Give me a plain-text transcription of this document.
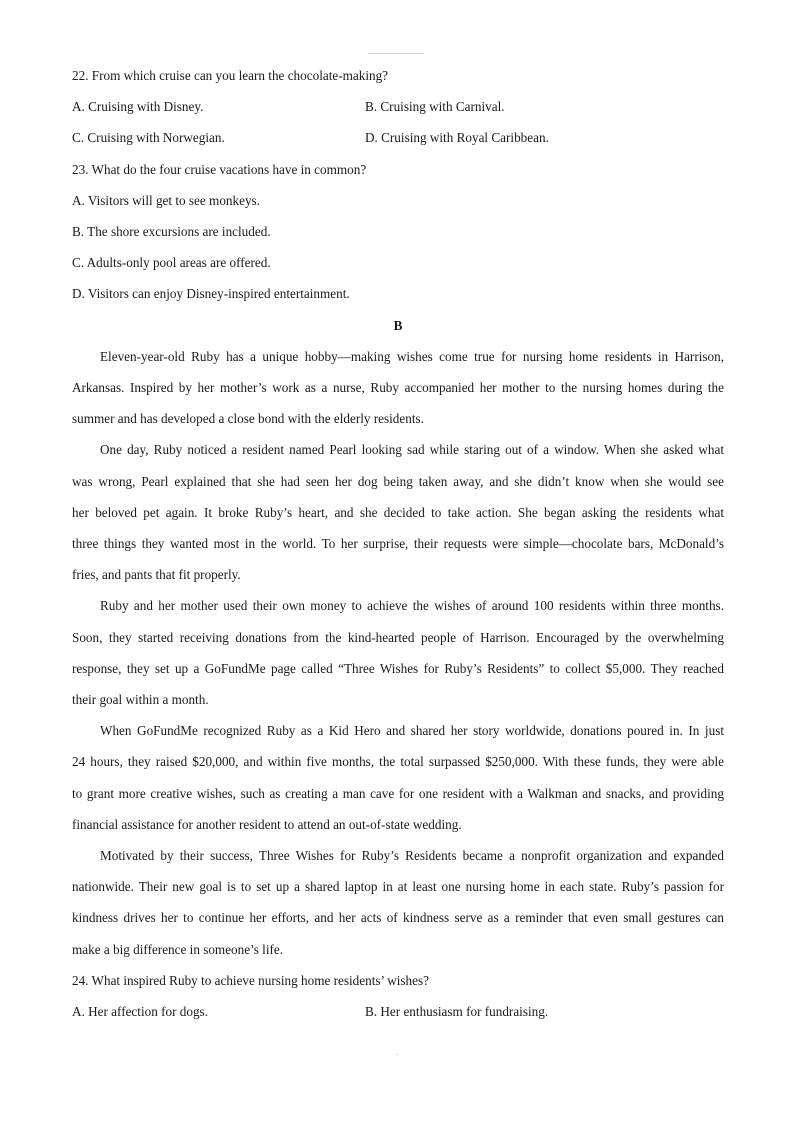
22. From which cruise can you learn the chocolate-making?
A. Cruising with Disney.	B. Cruising with Carnival.
C. Cruising with Norwegian.	D. Cruising with Royal Caribbean.
23. What do the four cruise vacations have in common?
A. Visitors will get to see monkeys.
B. The shore excursions are included.
C. Adults-only pool areas are offered.
D. Visitors can enjoy Disney-inspired entertainment.
B
Eleven-year-old Ruby has a unique hobby—making wishes come true for nursing home residents in Harrison,
Arkansas. Inspired by her mother’s work as a nurse, Ruby accompanied her mother to the nursing homes during the
summer and has developed a close bond with the elderly residents.
One day, Ruby noticed a resident named Pearl looking sad while staring out of a window. When she asked what
was wrong, Pearl explained that she had seen her dog being taken away, and she didn’t know when she would see
her beloved pet again. It broke Ruby’s heart, and she decided to take action. She began asking the residents what
three things they wanted most in the world. To her surprise, their requests were simple—chocolate bars, McDonald’s
fries, and pants that fit properly.
Ruby and her mother used their own money to achieve the wishes of around 100 residents within three months.
Soon, they started receiving donations from the kind-hearted people of Harrison. Encouraged by the overwhelming
response, they set up a GoFundMe page called “Three Wishes for Ruby’s Residents” to collect $5,000. They reached
their goal within a month.
When GoFundMe recognized Ruby as a Kid Hero and shared her story worldwide, donations poured in. In just
24 hours, they raised $20,000, and within five months, the total surpassed $250,000. With these funds, they were able
to grant more creative wishes, such as creating a man cave for one resident with a Walkman and snacks, and providing
financial assistance for another resident to attend an out-of-state wedding.
Motivated by their success, Three Wishes for Ruby’s Residents became a nonprofit organization and expanded
nationwide. Their new goal is to set up a shared laptop in at least one nursing home in each state. Ruby’s passion for
kindness drives her to continue her efforts, and her acts of kindness serve as a reminder that even small gestures can
make a big difference in someone’s life.
24. What inspired Ruby to achieve nursing home residents’ wishes?
A. Her affection for dogs.	B. Her enthusiasm for fundraising.
